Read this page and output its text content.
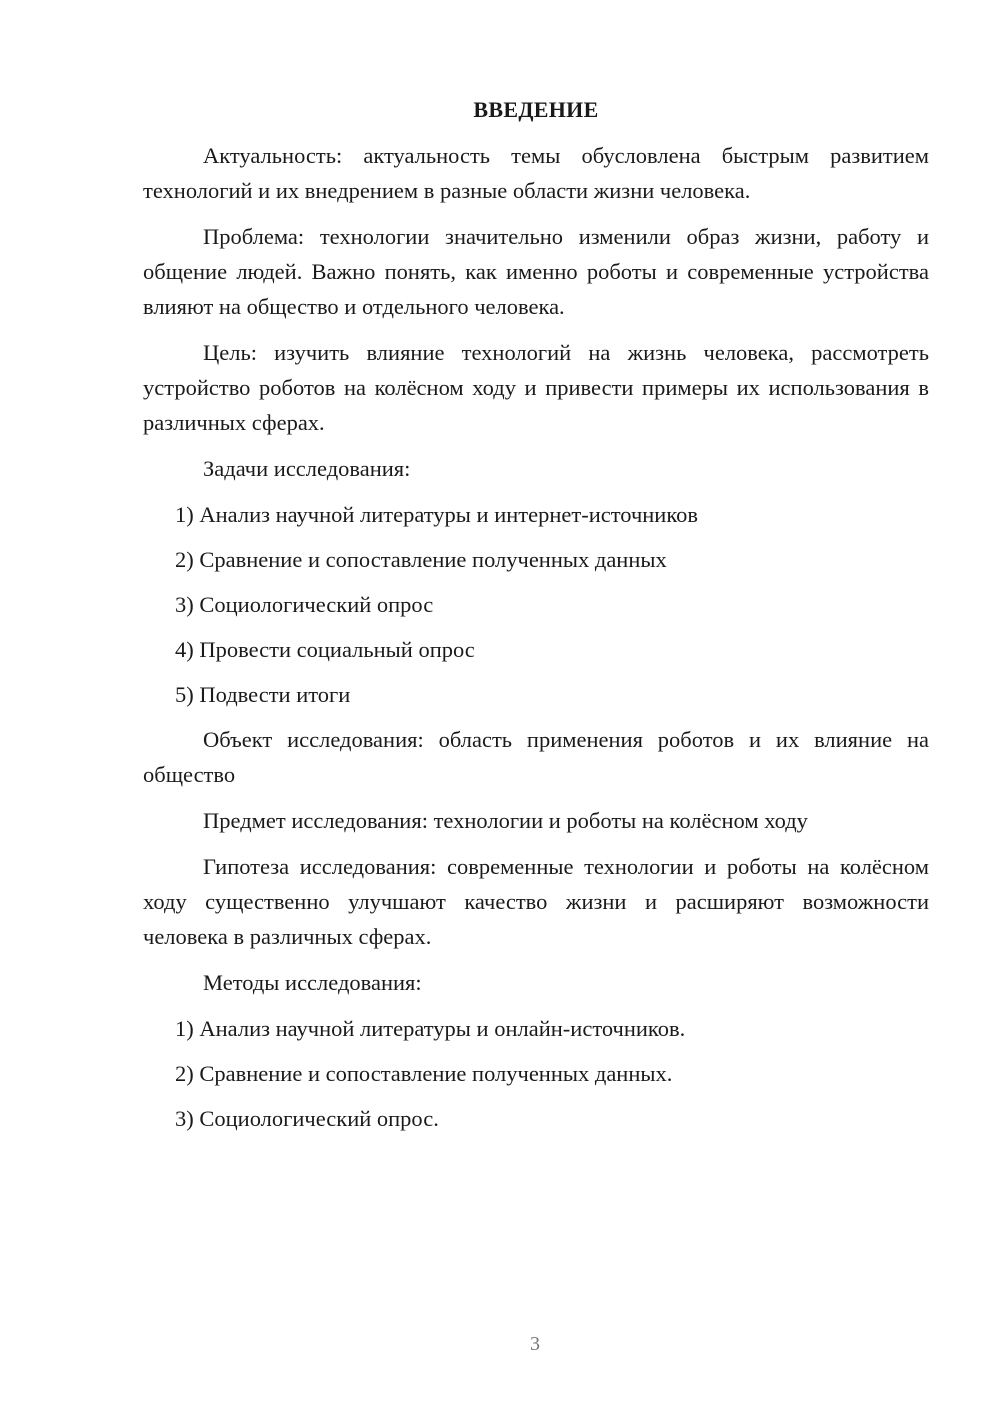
ВВЕДЕНИЕ
Актуальность: актуальность темы обусловлена быстрым развитием технологий и их внедрением в разные области жизни человека.
Проблема: технологии значительно изменили образ жизни, работу и общение людей. Важно понять, как именно роботы и современные устройства влияют на общество и отдельного человека.
Цель: изучить влияние технологий на жизнь человека, рассмотреть устройство роботов на колёсном ходу и привести примеры их использования в различных сферах.
Задачи исследования:
1) Анализ научной литературы и интернет-источников
2) Сравнение и сопоставление полученных данных
3) Социологический опрос
4) Провести социальный опрос
5) Подвести итоги
Объект исследования: область применения роботов и их влияние на общество
Предмет исследования: технологии и роботы на колёсном ходу
Гипотеза исследования: современные технологии и роботы на колёсном ходу существенно улучшают качество жизни и расширяют возможности человека в различных сферах.
Методы исследования:
1) Анализ научной литературы и онлайн-источников.
2) Сравнение и сопоставление полученных данных.
3) Социологический опрос.
3
